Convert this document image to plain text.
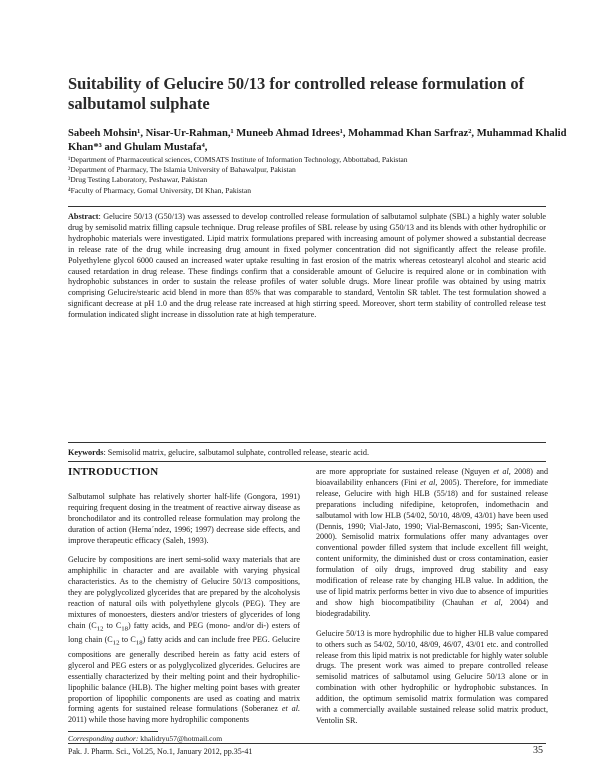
Suitability of Gelucire 50/13 for controlled release formulation of salbutamol sulphate
Sabeeh Mohsin¹, Nisar-Ur-Rahman,¹ Muneeb Ahmad Idrees¹, Mohammad Khan Sarfraz², Muhammad Khalid Khan*³ and Ghulam Mustafa⁴,
¹Department of Pharmaceutical sciences, COMSATS Institute of Information Technology, Abbottabad, Pakistan
²Department of Pharmacy, The Islamia University of Bahawalpur, Pakistan
³Drug Testing Laboratory, Peshawar, Pakistan
⁴Faculty of Pharmacy, Gomal University, DI Khan, Pakistan
Abstract: Gelucire 50/13 (G50/13) was assessed to develop controlled release formulation of salbutamol sulphate (SBL) a highly water soluble drug by semisolid matrix filling capsule technique. Drug release profiles of SBL release by using G50/13 and its blends with other hydrophilic or hydrophobic materials were investigated. Lipid matrix formulations prepared with increasing amount of polymer showed a substantial decrease in release rate of the drug while increasing drug amount in fixed polymer concentration did not significantly affect the release profile. Polyethylene glycol 6000 caused an increased water uptake resulting in fast erosion of the matrix whereas cetostearyl alcohol and stearic acid caused retardation in drug release. These findings confirm that a considerable amount of Gelucire is required alone or in combination with hydrophobic substances in order to sustain the release profiles of water soluble drugs. More linear profile was obtained by using matrix comprising Gelucire/stearic acid blend in more than 85% that was comparable to standard, Ventolin SR tablet. The test formulation showed a significant decrease at pH 1.0 and the drug release rate increased at high stirring speed. Moreover, short term stability of controlled release test formulation indicated slight increase in dissolution rate at high temperature.
Keywords: Semisolid matrix, gelucire, salbutamol sulphate, controlled release, stearic acid.
INTRODUCTION

Salbutamol sulphate has relatively shorter half-life (Gongora, 1991) requiring frequent dosing in the treatment of reactive airway disease as bronchodilator and its controlled release formulation may prolong the duration of action (Herna´ndez, 1996; 1997) decrease side effects, and improve therapeutic efficacy (Saleh, 1993).

Gelucire by compositions are inert semi-solid waxy materials that are amphiphilic in character and are available with varying physical characteristics. As to the chemistry of Gelucire 50/13 compositions, they are polyglycolized glycerides that are prepared by the alcoholysis reaction of natural oils with polyethylene glycols (PEG). They are mixtures of monoesters, diesters and/or triesters of glycerides of long chain ($C_{12}$ to $C_{18}$) fatty acids, and PEG (mono- and/or di-) esters of long chain ($C_{12}$ to $C_{18}$) fatty acids and can include free PEG. Gelucire compositions are generally described herein as fatty acid esters of glycerol and PEG esters or as polyglycolized glycerides. Gelucires are essentially characterized by their melting point and their hydrophilic-lipophilic balance (HLB). The higher melting point bases with greater proportion of lipophilic components are used as coating and matrix forming agents for sustained release formulations (Soberanez et al. 2011) while those having more hydrophilic components

are more appropriate for sustained release (Nguyen et al, 2008) and bioavailability enhancers (Fini et al, 2005). Therefore, for immediate release, Gelucire with high HLB (55/18) and for sustained release preparations including nifedipine, ketoprofen, indomethacin and salbutamol with low HLB (54/02, 50/10, 48/09, 43/01) have been used (Dennis, 1990; Vial-Jato, 1990; Vial-Bernasconi, 1995; San-Vicente, 2000). Semisolid matrix formulations offer many advantages over conventional powder filled system that include excellent fill weight, content uniformity, the diminished dust or cross contamination, easier formulation of oily drugs, improved drug stability and easy modification of release rate by changing HLB value. In addition, the use of lipid matrix performs better in vivo due to absence of impurities and show high biocompatibility (Chauhan et al, 2004) and biodegradability.

Gelucire 50/13 is more hydrophilic due to higher HLB value compared to others such as 54/02, 50/10, 48/09, 46/07, 43/01 etc. and controlled release from this lipid matrix is not predictable for highly water soluble drugs. The present work was aimed to prepare controlled release semisolid matrices of salbutamol using Gelucire 50/13 alone or in combination with other hydrophilic or hydrophobic substances. In addition, the optimum semisolid matrix formulation was compared with a commercially available sustained release solid matrix product, Ventolin SR.

Corresponding author: khalidryu57@hotmail.com
Pak. J. Pharm. Sci., Vol.25, No.1, January 2012, pp.35-41	35
